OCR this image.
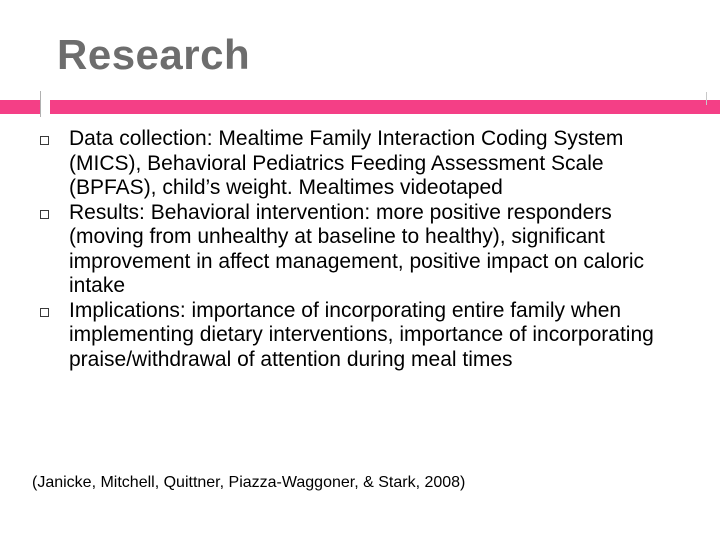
Research
Data collection: Mealtime Family Interaction Coding System (MICS), Behavioral Pediatrics Feeding Assessment Scale (BPFAS), child’s weight. Mealtimes videotaped
Results: Behavioral intervention: more positive responders (moving from unhealthy at baseline to healthy), significant improvement in affect management, positive impact on caloric intake
Implications: importance of incorporating entire family when implementing dietary interventions, importance of incorporating praise/withdrawal of attention during meal times
(Janicke, Mitchell, Quittner, Piazza-Waggoner, & Stark, 2008)
